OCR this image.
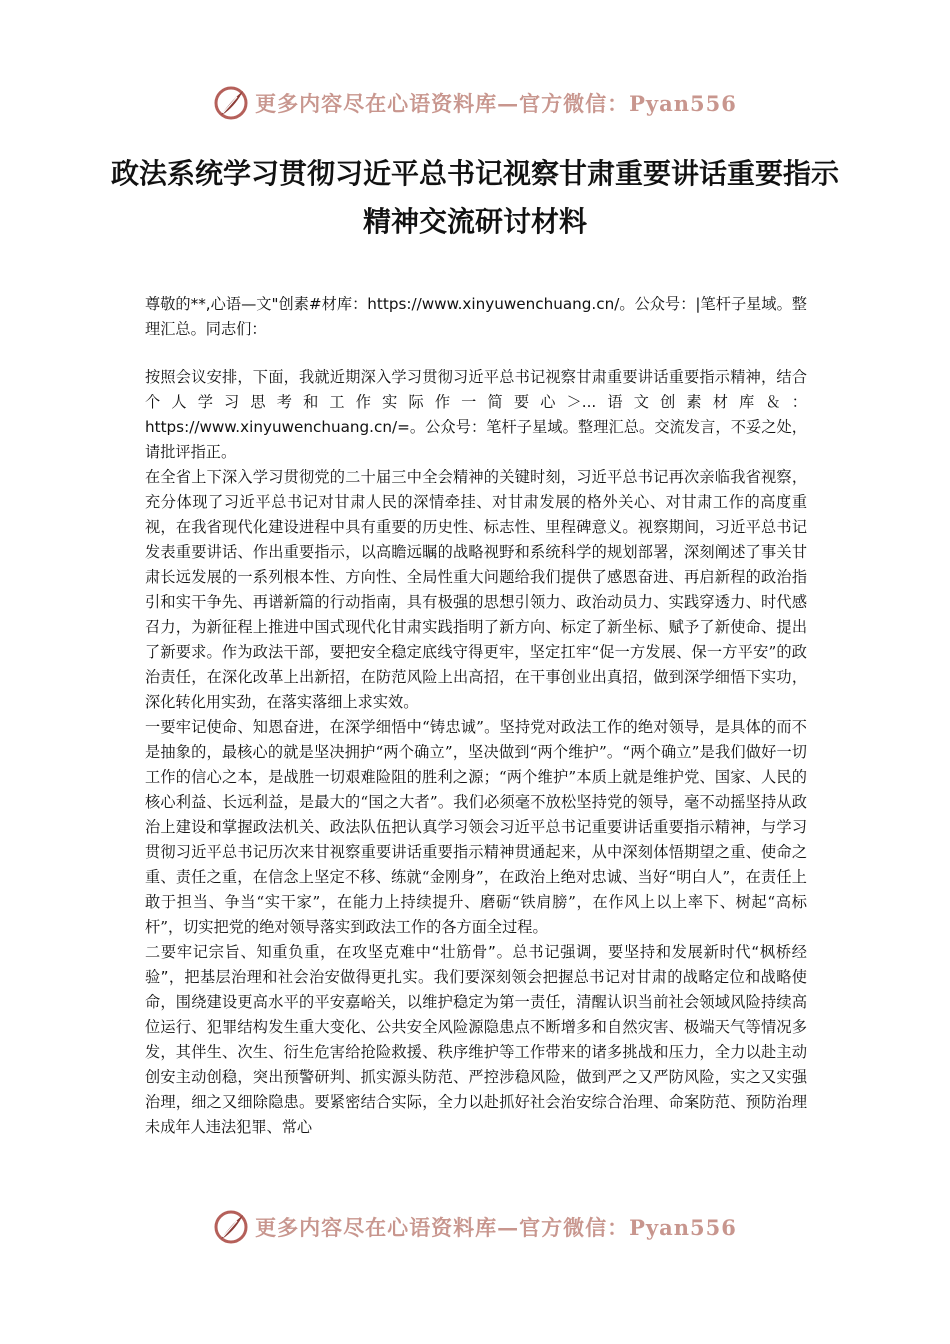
更多内容尽在心语资料库—官方微信：Pyan556
政法系统学习贯彻习近平总书记视察甘肃重要讲话重要指示精神交流研讨材料

尊敬的**,心语—文"创素#材库：https://www.xinyuwenchuang.cn/。公众号：|笔杆子星域。整理汇总。同志们：

按照会议安排，下面，我就近期深入学习贯彻习近平总书记视察甘肃重要讲话重要指示精神，结合个人学习思考和工作实际作一简要心＞...语文创素材库＆：https://www.xinyuwenchuang.cn/=。公众号：笔杆子星域。整理汇总。交流发言，不妥之处，请批评指正。

在全省上下深入学习贯彻党的二十届三中全会精神的关键时刻，习近平总书记再次亲临我省视察，充分体现了习近平总书记对甘肃人民的深情牵挂、对甘肃发展的格外关心、对甘肃工作的高度重视，在我省现代化建设进程中具有重要的历史性、标志性、里程碑意义。视察期间，习近平总书记发表重要讲话、作出重要指示，以高瞻远瞩的战略视野和系统科学的规划部署，深刻阐述了事关甘肃长远发展的一系列根本性、方向性、全局性重大问题给我们提供了感恩奋进、再启新程的政治指引和实干争先、再谱新篇的行动指南，具有极强的思想引领力、政治动员力、实践穿透力、时代感召力，为新征程上推进中国式现代化甘肃实践指明了新方向、标定了新坐标、赋予了新使命、提出了新要求。作为政法干部，要把安全稳定底线守得更牢，坚定扛牢“促一方发展、保一方平安”的政治责任，在深化改革上出新招，在防范风险上出高招，在干事创业出真招，做到深学细悟下实功，深化转化用实劲，在落实落细上求实效。

一要牢记使命、知恩奋进，在深学细悟中“铸忠诚”。坚持党对政法工作的绝对领导，是具体的而不是抽象的，最核心的就是坚决拥护“两个确立”，坚决做到“两个维护”。“两个确立”是我们做好一切工作的信心之本，是战胜一切艰难险阻的胜利之源；“两个维护”本质上就是维护党、国家、人民的核心利益、长远利益，是最大的“国之大者”。我们必须毫不放松坚持党的领导，毫不动摇坚持从政治上建设和掌握政法机关、政法队伍把认真学习领会习近平总书记重要讲话重要指示精神，与学习贯彻习近平总书记历次来甘视察重要讲话重要指示精神贯通起来，从中深刻体悟期望之重、使命之重、责任之重，在信念上坚定不移、练就“金刚身”，在政治上绝对忠诚、当好“明白人”，在责任上敢于担当、争当“实干家”，在能力上持续提升、磨砺“铁肩膀”，在作风上以上率下、树起“高标杆”，切实把党的绝对领导落实到政法工作的各方面全过程。

二要牢记宗旨、知重负重，在攻坚克难中“壮筋骨”。总书记强调，要坚持和发展新时代“枫桥经验”，把基层治理和社会治安做得更扎实。我们要深刻领会把握总书记对甘肃的战略定位和战略使命，围绕建设更高水平的平安嘉峪关，以维护稳定为第一责任，清醒认识当前社会领域风险持续高位运行、犯罪结构发生重大变化、公共安全风险源隐患点不断增多和自然灾害、极端天气等情况多发，其伴生、次生、衍生危害给抢险救援、秩序维护等工作带来的诸多挑战和压力，全力以赴主动创安主动创稳，突出预警研判、抓实源头防范、严控涉稳风险，做到严之又严防风险，实之又实强治理，细之又细除隐患。要紧密结合实际，全力以赴抓好社会治安综合治理、命案防范、预防治理未成年人违法犯罪、常心

更多内容尽在心语资料库—官方微信：Pyan556
